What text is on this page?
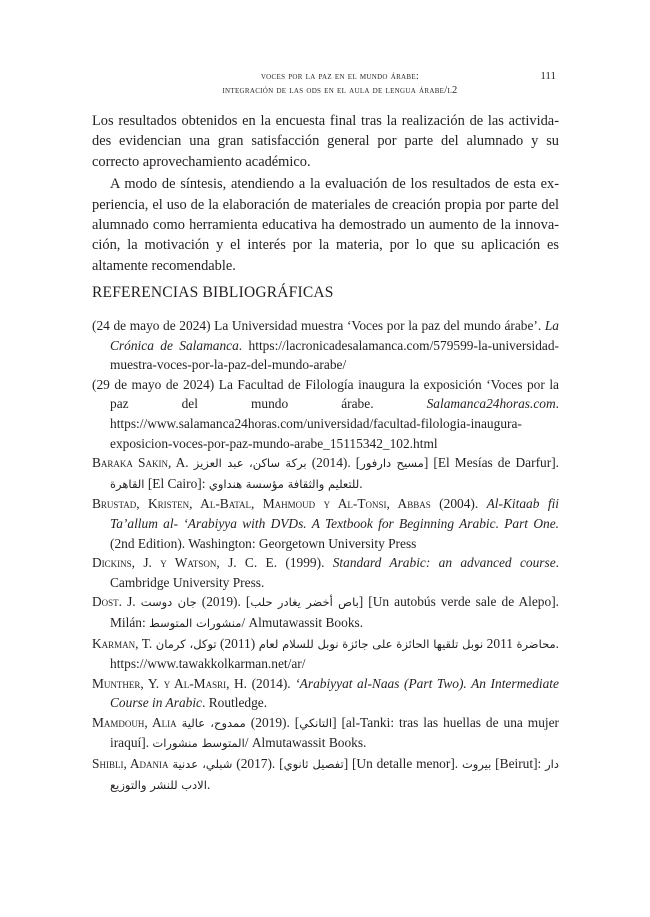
voces por la paz en el mundo árabe:
integración de las ods en el aula de lengua árabe/l2
111

Los resultados obtenidos en la encuesta final tras la realización de las actividades evidencian una gran satisfacción general por parte del alumnado y su correcto aprovechamiento académico.

A modo de síntesis, atendiendo a la evaluación de los resultados de esta experiencia, el uso de la elaboración de materiales de creación propia por parte del alumnado como herramienta educativa ha demostrado un aumento de la innovación, la motivación y el interés por la materia, por lo que su aplicación es altamente recomendable.

REFERENCIAS BIBLIOGRÁFICAS

(24 de mayo de 2024) La Universidad muestra ‘Voces por la paz del mundo árabe’. La Crónica de Salamanca. https://lacronicadesalamanca.com/579599-la-universidad-muestra-voces-por-la-paz-del-mundo-arabe/

(29 de mayo de 2024) La Facultad de Filología inaugura la exposición ‘Voces por la paz del mundo árabe. Salamanca24horas.com. https://www.salamanca24horas.com/universidad/facultad-filologia-inaugura-exposicion-voces-por-paz-mundo-arabe_15115342_102.html

Baraka Sakin, A. بركة ساكن، عبد العزيز (2014). [مسيح دارفور] [El Mesías de Darfur]. القاهرة [El Cairo]: للتعليم والثقافة مؤسسة هنداوي.

Brustad, Kristen, Al-Batal, Mahmoud y Al-Tonsi, Abbas (2004). Al-Kitaab fii Ta’allum al- ‘Arabiyya with DVDs. A Textbook for Beginning Arabic. Part One. (2nd Edition). Washington: Georgetown University Press

Dickins, J. y Watson, J. C. E. (1999). Standard Arabic: an advanced course. Cambridge University Press.

Dost. J. جان دوست (2019). [باص أخضر يغادر حلب] [Un autobús verde sale de Alepo]. Milán: منشورات المتوسط/ Almutawassit Books.

Karman, T. توكل، كرمان (2011) نوبل تلقيها الحائزة على جائزة نوبل للسلام لعام 2011 محاضرة. https://www.tawakkolkarman.net/ar/

Munther, Y. y Al-Masri, H. (2014). ‘Arabiyyat al-Naas (Part Two). An Intermediate Course in Arabic. Routledge.

Mamdouh, Alia ممدوح، عالية (2019). [التانكي] [al-Tanki: tras las huellas de una mujer iraquí]. المتوسط منشورات/ Almutawassit Books.

Shibli, Adania شبلي، عدنية (2017). [تفصيل ثانوي] [Un detalle menor]. بيروت [Beirut]: دار الادب للنشر والتوزيع.
